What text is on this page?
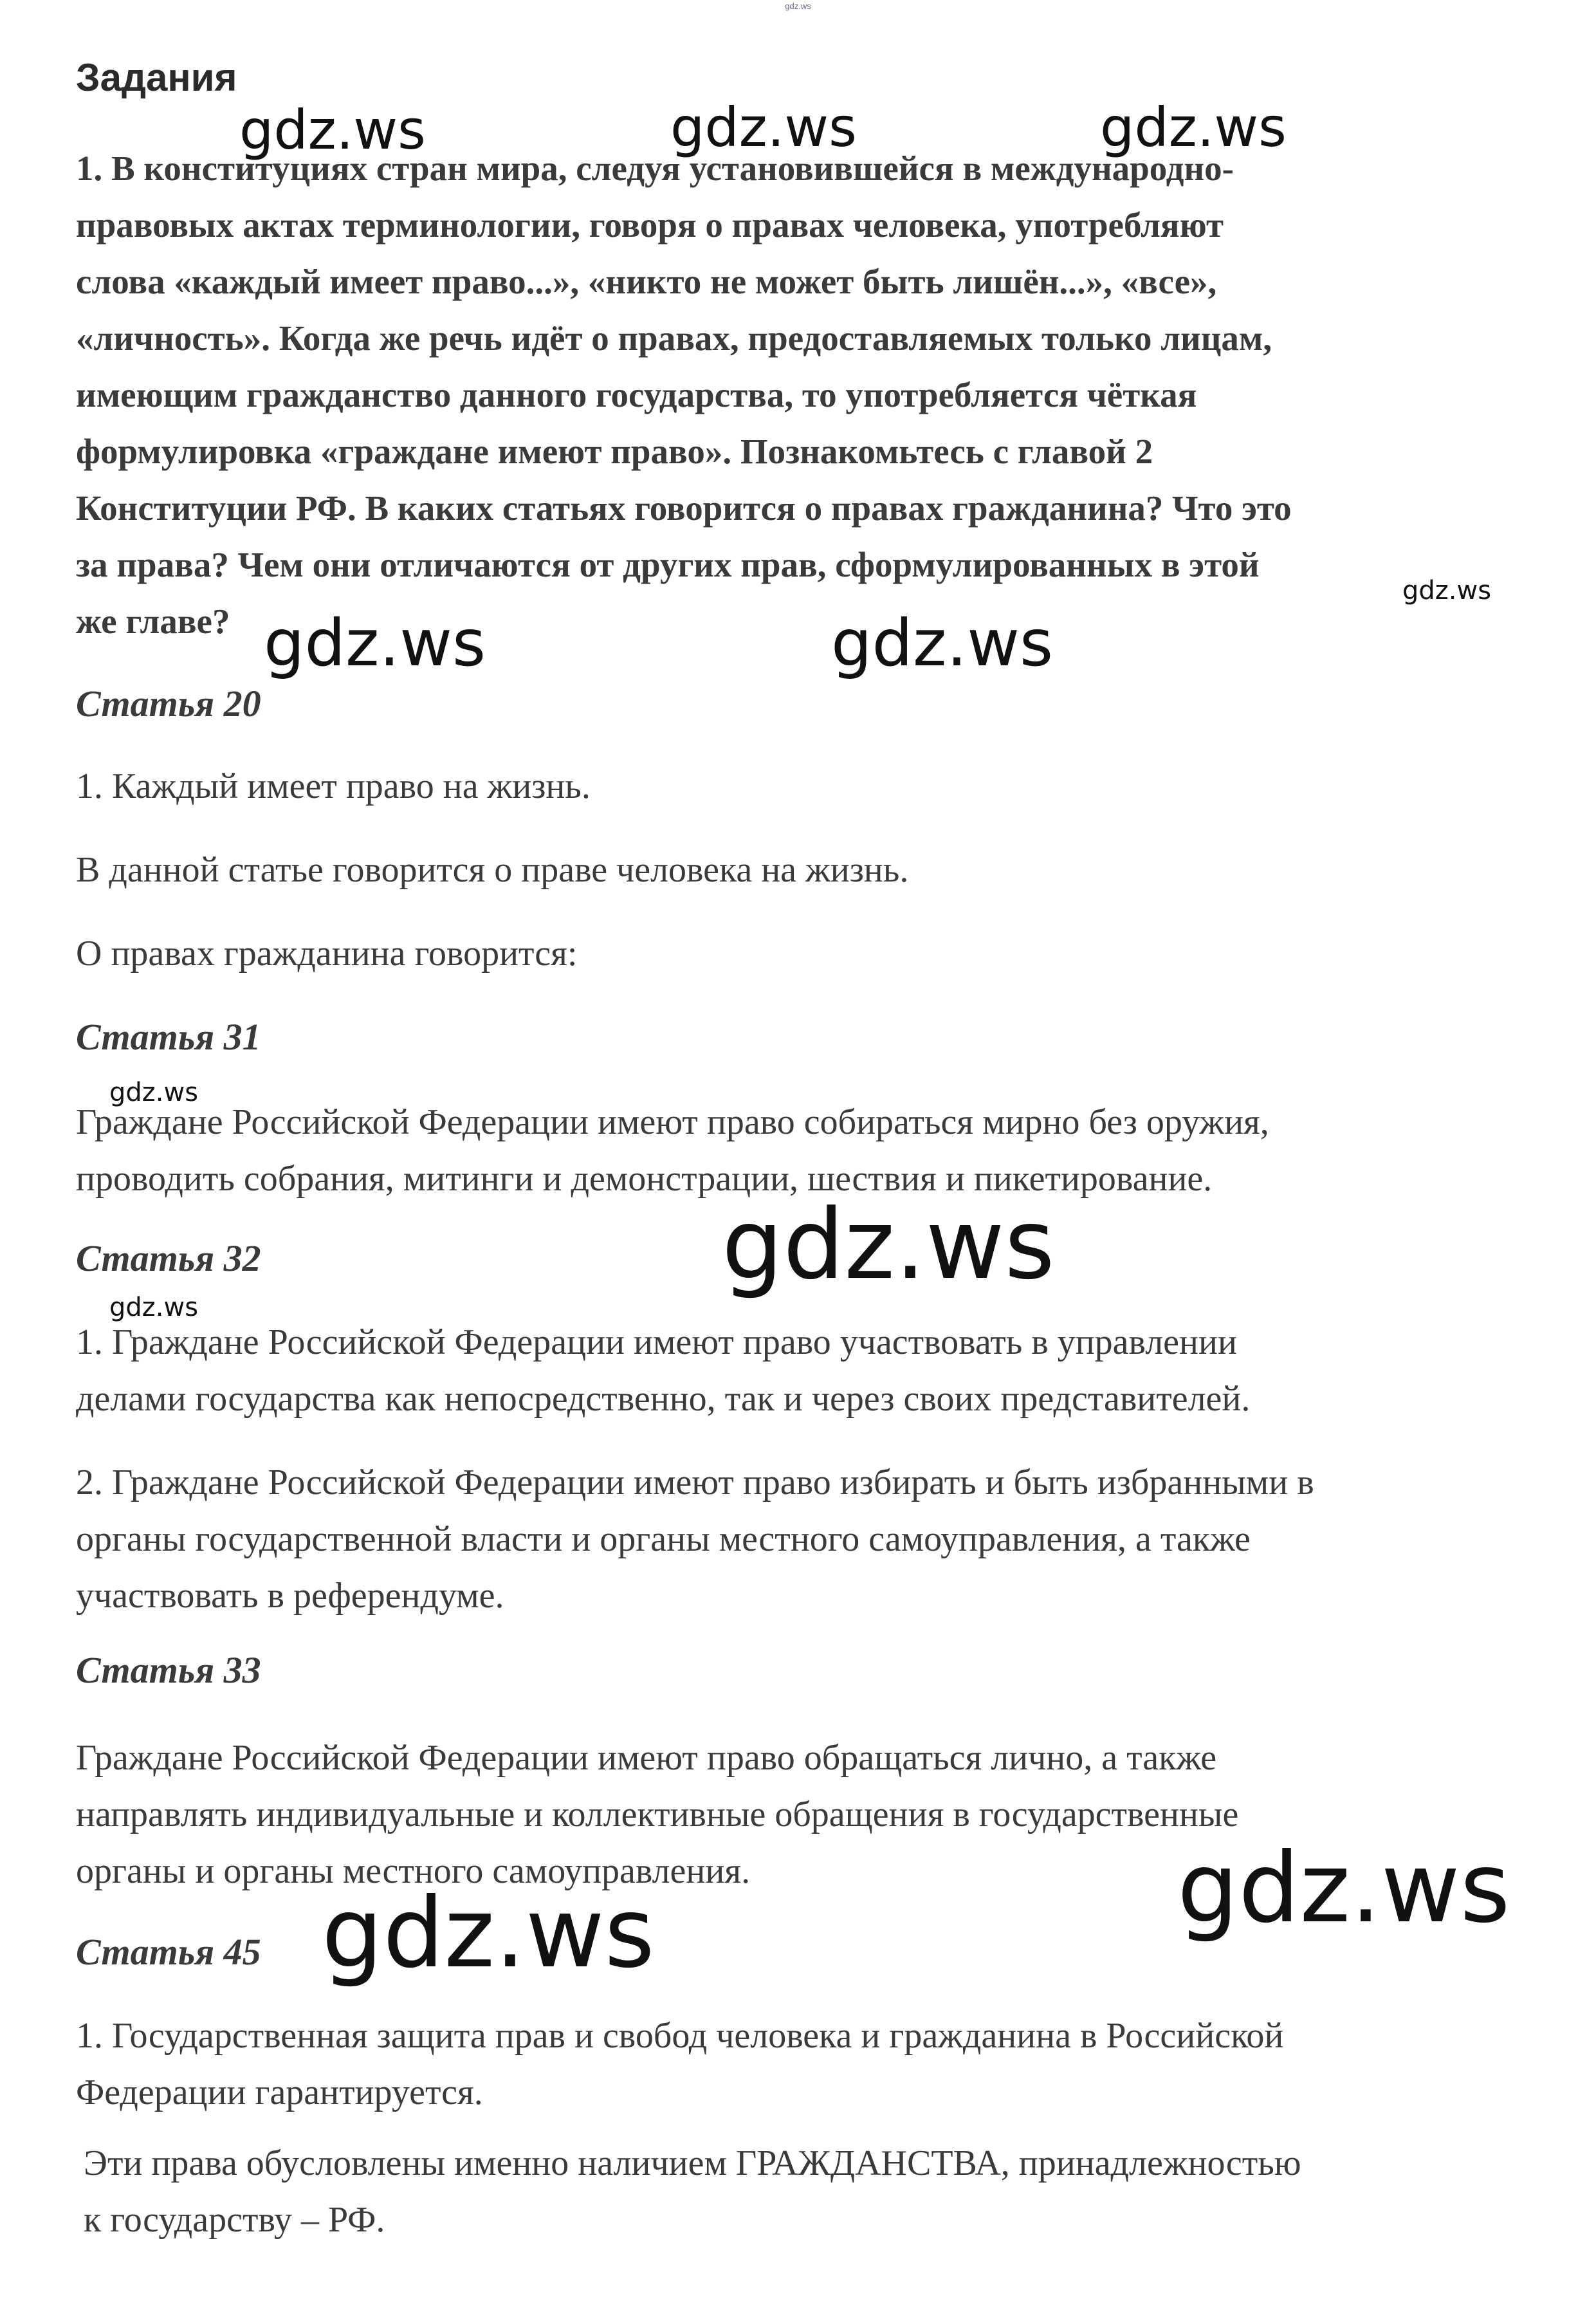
gdz.ws
Задания

1. В конституциях стран мира, следуя установившейся в международно-
правовых актах терминологии, говоря о правах человека, употребляют
слова «каждый имеет право...», «никто не может быть лишён...», «все»,
«личность». Когда же речь идёт о правах, предоставляемых только лицам,
имеющим гражданство данного государства, то употребляется чёткая
формулировка «граждане имеют право». Познакомьтесь с главой 2
Конституции РФ. В каких статьях говорится о правах гражданина? Что это
за права? Чем они отличаются от других прав, сформулированных в этой
же главе?

Статья 20

1. Каждый имеет право на жизнь.

В данной статье говорится о праве человека на жизнь.

О правах гражданина говорится:

Статья 31

Граждане Российской Федерации имеют право собираться мирно без оружия,
проводить собрания, митинги и демонстрации, шествия и пикетирование.

Статья 32

1. Граждане Российской Федерации имеют право участвовать в управлении
делами государства как непосредственно, так и через своих представителей.

2. Граждане Российской Федерации имеют право избирать и быть избранными в
органы государственной власти и органы местного самоуправления, а также
участвовать в референдуме.

Статья 33

Граждане Российской Федерации имеют право обращаться лично, а также
направлять индивидуальные и коллективные обращения в государственные
органы и органы местного самоуправления.

Статья 45

1. Государственная защита прав и свобод человека и гражданина в Российской
Федерации гарантируется.

Эти права обусловлены именно наличием ГРАЖДАНСТВА, принадлежностью
к государству – РФ.

gdz.ws	gdz.ws	gdz.ws
gdz.ws
gdz.ws	gdz.ws
gdz.ws
gdz.ws
gdz.ws
gdz.ws
gdz.ws
